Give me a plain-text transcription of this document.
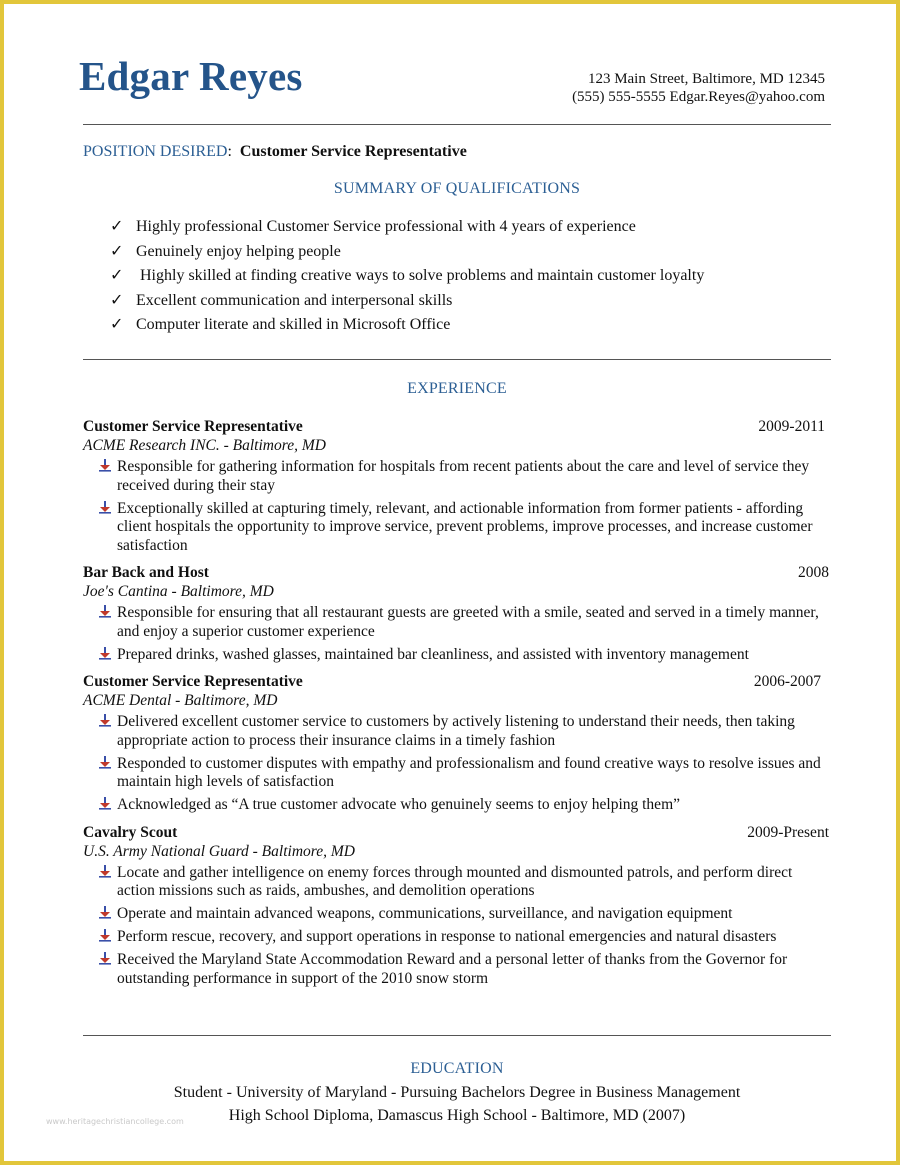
Edgar Reyes	123 Main Street, Baltimore, MD 12345
(555) 555-5555 Edgar.Reyes@yahoo.com
POSITION DESIRED: Customer Service Representative
SUMMARY OF QUALIFICATIONS
✓ Highly professional Customer Service professional with 4 years of experience
✓ Genuinely enjoy helping people
✓ Highly skilled at finding creative ways to solve problems and maintain customer loyalty
✓ Excellent communication and interpersonal skills
✓ Computer literate and skilled in Microsoft Office
EXPERIENCE
Customer Service Representative	2009-2011
ACME Research INC. - Baltimore, MD
Responsible for gathering information for hospitals from recent patients about the care and level of service they received during their stay
Exceptionally skilled at capturing timely, relevant, and actionable information from former patients - affording client hospitals the opportunity to improve service, prevent problems, improve processes, and increase customer satisfaction
Bar Back and Host	2008
Joe's Cantina - Baltimore, MD
Responsible for ensuring that all restaurant guests are greeted with a smile, seated and served in a timely manner, and enjoy a superior customer experience
Prepared drinks, washed glasses, maintained bar cleanliness, and assisted with inventory management
Customer Service Representative	2006-2007
ACME Dental - Baltimore, MD
Delivered excellent customer service to customers by actively listening to understand their needs, then taking appropriate action to process their insurance claims in a timely fashion
Responded to customer disputes with empathy and professionalism and found creative ways to resolve issues and maintain high levels of satisfaction
Acknowledged as “A true customer advocate who genuinely seems to enjoy helping them”
Cavalry Scout	2009-Present
U.S. Army National Guard - Baltimore, MD
Locate and gather intelligence on enemy forces through mounted and dismounted patrols, and perform direct action missions such as raids, ambushes, and demolition operations
Operate and maintain advanced weapons, communications, surveillance, and navigation equipment
Perform rescue, recovery, and support operations in response to national emergencies and natural disasters
Received the Maryland State Accommodation Reward and a personal letter of thanks from the Governor for outstanding performance in support of the 2010 snow storm
EDUCATION
Student - University of Maryland - Pursuing Bachelors Degree in Business Management
High School Diploma, Damascus High School - Baltimore, MD (2007)
www.heritagechristiancollege.com
